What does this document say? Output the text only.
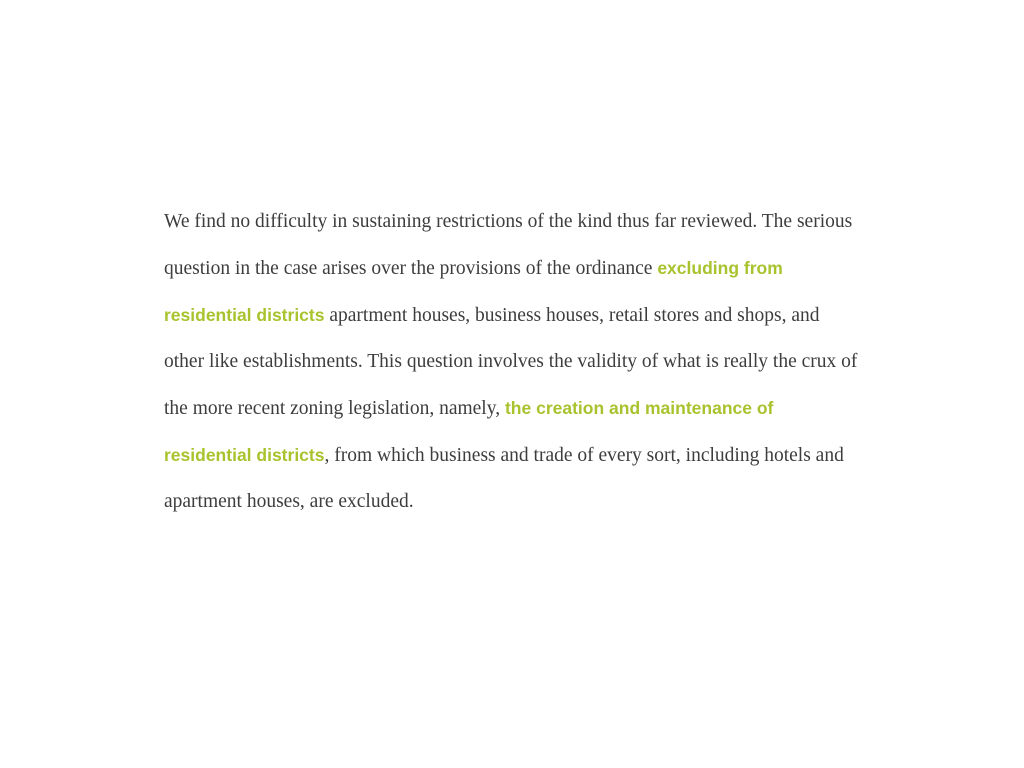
We find no difficulty in sustaining restrictions of the kind thus far reviewed. The serious question in the case arises over the provisions of the ordinance excluding from residential districts apartment houses, business houses, retail stores and shops, and other like establishments. This question involves the validity of what is really the crux of the more recent zoning legislation, namely, the creation and maintenance of residential districts, from which business and trade of every sort, including hotels and apartment houses, are excluded.
